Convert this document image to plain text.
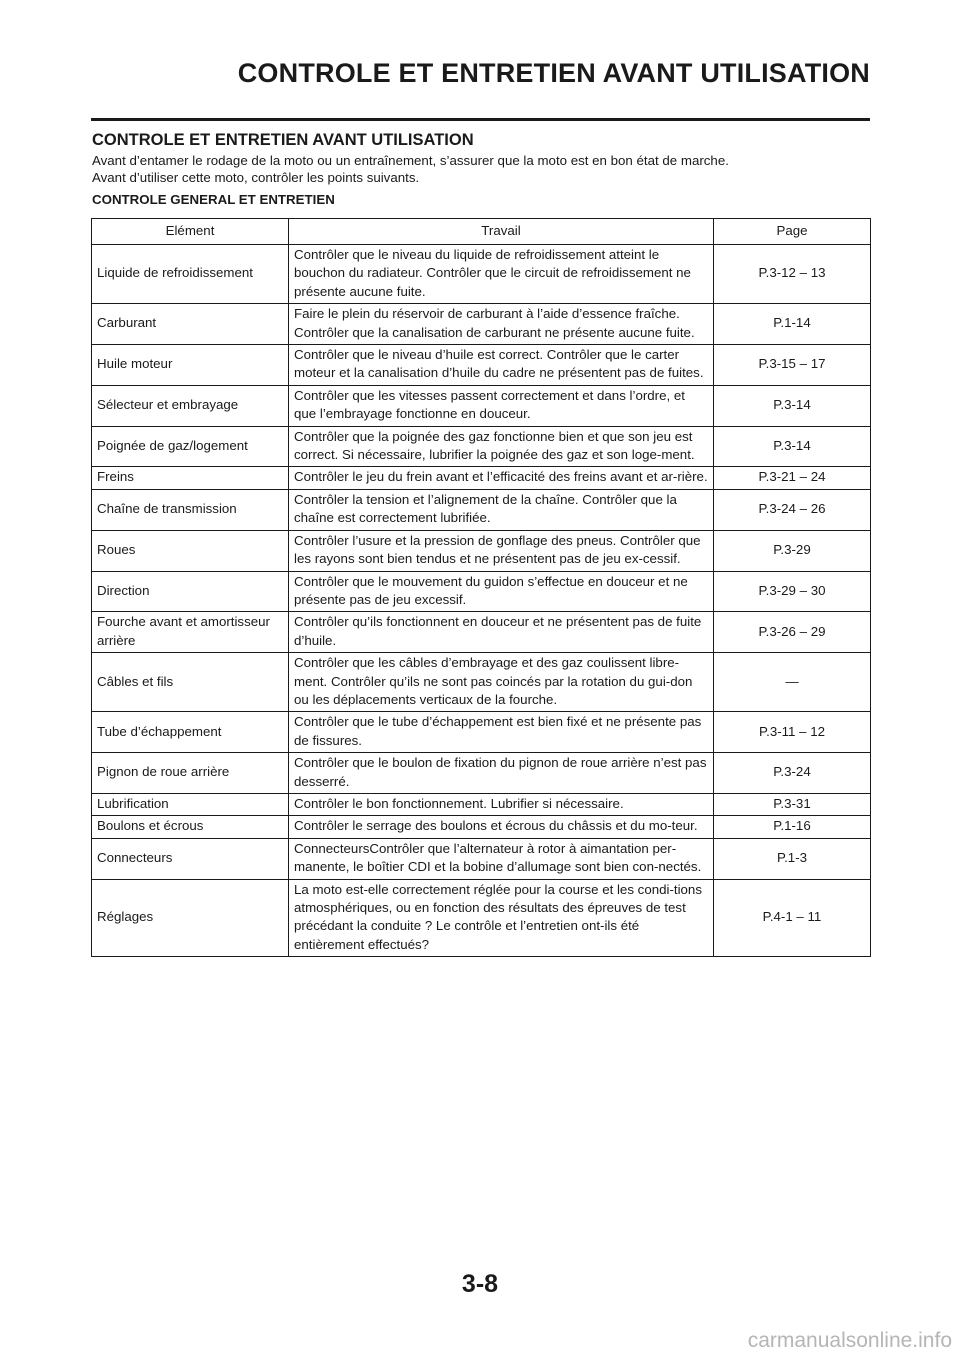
CONTROLE ET ENTRETIEN AVANT UTILISATION
CONTROLE ET ENTRETIEN AVANT UTILISATION

Avant d’entamer le rodage de la moto ou un entraînement, s’assurer que la moto est en bon état de marche.

Avant d’utiliser cette moto, contrôler les points suivants.

CONTROLE GENERAL ET ENTRETIEN
Elément	Travail	Page
Liquide de refroidissement	Contrôler que le niveau du liquide de refroidissement atteint le bouchon du radiateur. Contrôler que le circuit de refroidissement ne présente aucune fuite.	P.3-12 – 13
Carburant	Faire le plein du réservoir de carburant à l’aide d’essence fraîche. Contrôler que la canalisation de carburant ne présente aucune fuite.	P.1-14
Huile moteur	Contrôler que le niveau d’huile est correct. Contrôler que le carter moteur et la canalisation d’huile du cadre ne présentent pas de fuites.	P.3-15 – 17
Sélecteur et embrayage	Contrôler que les vitesses passent correctement et dans l’ordre, et que l’embrayage fonctionne en douceur.	P.3-14
Poignée de gaz/logement	Contrôler que la poignée des gaz fonctionne bien et que son jeu est correct. Si nécessaire, lubrifier la poignée des gaz et son loge-ment.	P.3-14
Freins	Contrôler le jeu du frein avant et l’efficacité des freins avant et ar-rière.	P.3-21 – 24
Chaîne de transmission	Contrôler la tension et l’alignement de la chaîne. Contrôler que la chaîne est correctement lubrifiée.	P.3-24 – 26
Roues	Contrôler l’usure et la pression de gonflage des pneus. Contrôler que les rayons sont bien tendus et ne présentent pas de jeu ex-cessif.	P.3-29
Direction	Contrôler que le mouvement du guidon s’effectue en douceur et ne présente pas de jeu excessif.	P.3-29 – 30
Fourche avant et amortisseur arrière	Contrôler qu’ils fonctionnent en douceur et ne présentent pas de fuite d’huile.	P.3-26 – 29
Câbles et fils	Contrôler que les câbles d’embrayage et des gaz coulissent libre-ment. Contrôler qu’ils ne sont pas coincés par la rotation du gui-don ou les déplacements verticaux de la fourche.	—
Tube d’échappement	Contrôler que le tube d’échappement est bien fixé et ne présente pas de fissures.	P.3-11 – 12
Pignon de roue arrière	Contrôler que le boulon de fixation du pignon de roue arrière n’est pas desserré.	P.3-24
Lubrification	Contrôler le bon fonctionnement. Lubrifier si nécessaire.	P.3-31
Boulons et écrous	Contrôler le serrage des boulons et écrous du châssis et du mo-teur.	P.1-16
Connecteurs	ConnecteursContrôler que l’alternateur à rotor à aimantation per-manente, le boîtier CDI et la bobine d’allumage sont bien con-nectés.	P.1-3
Réglages	La moto est-elle correctement réglée pour la course et les condi-tions atmosphériques, ou en fonction des résultats des épreuves de test précédant la conduite ? Le contrôle et l’entretien ont-ils été entièrement effectués?	P.4-1 – 11
3-8
carmanualsonline.info
